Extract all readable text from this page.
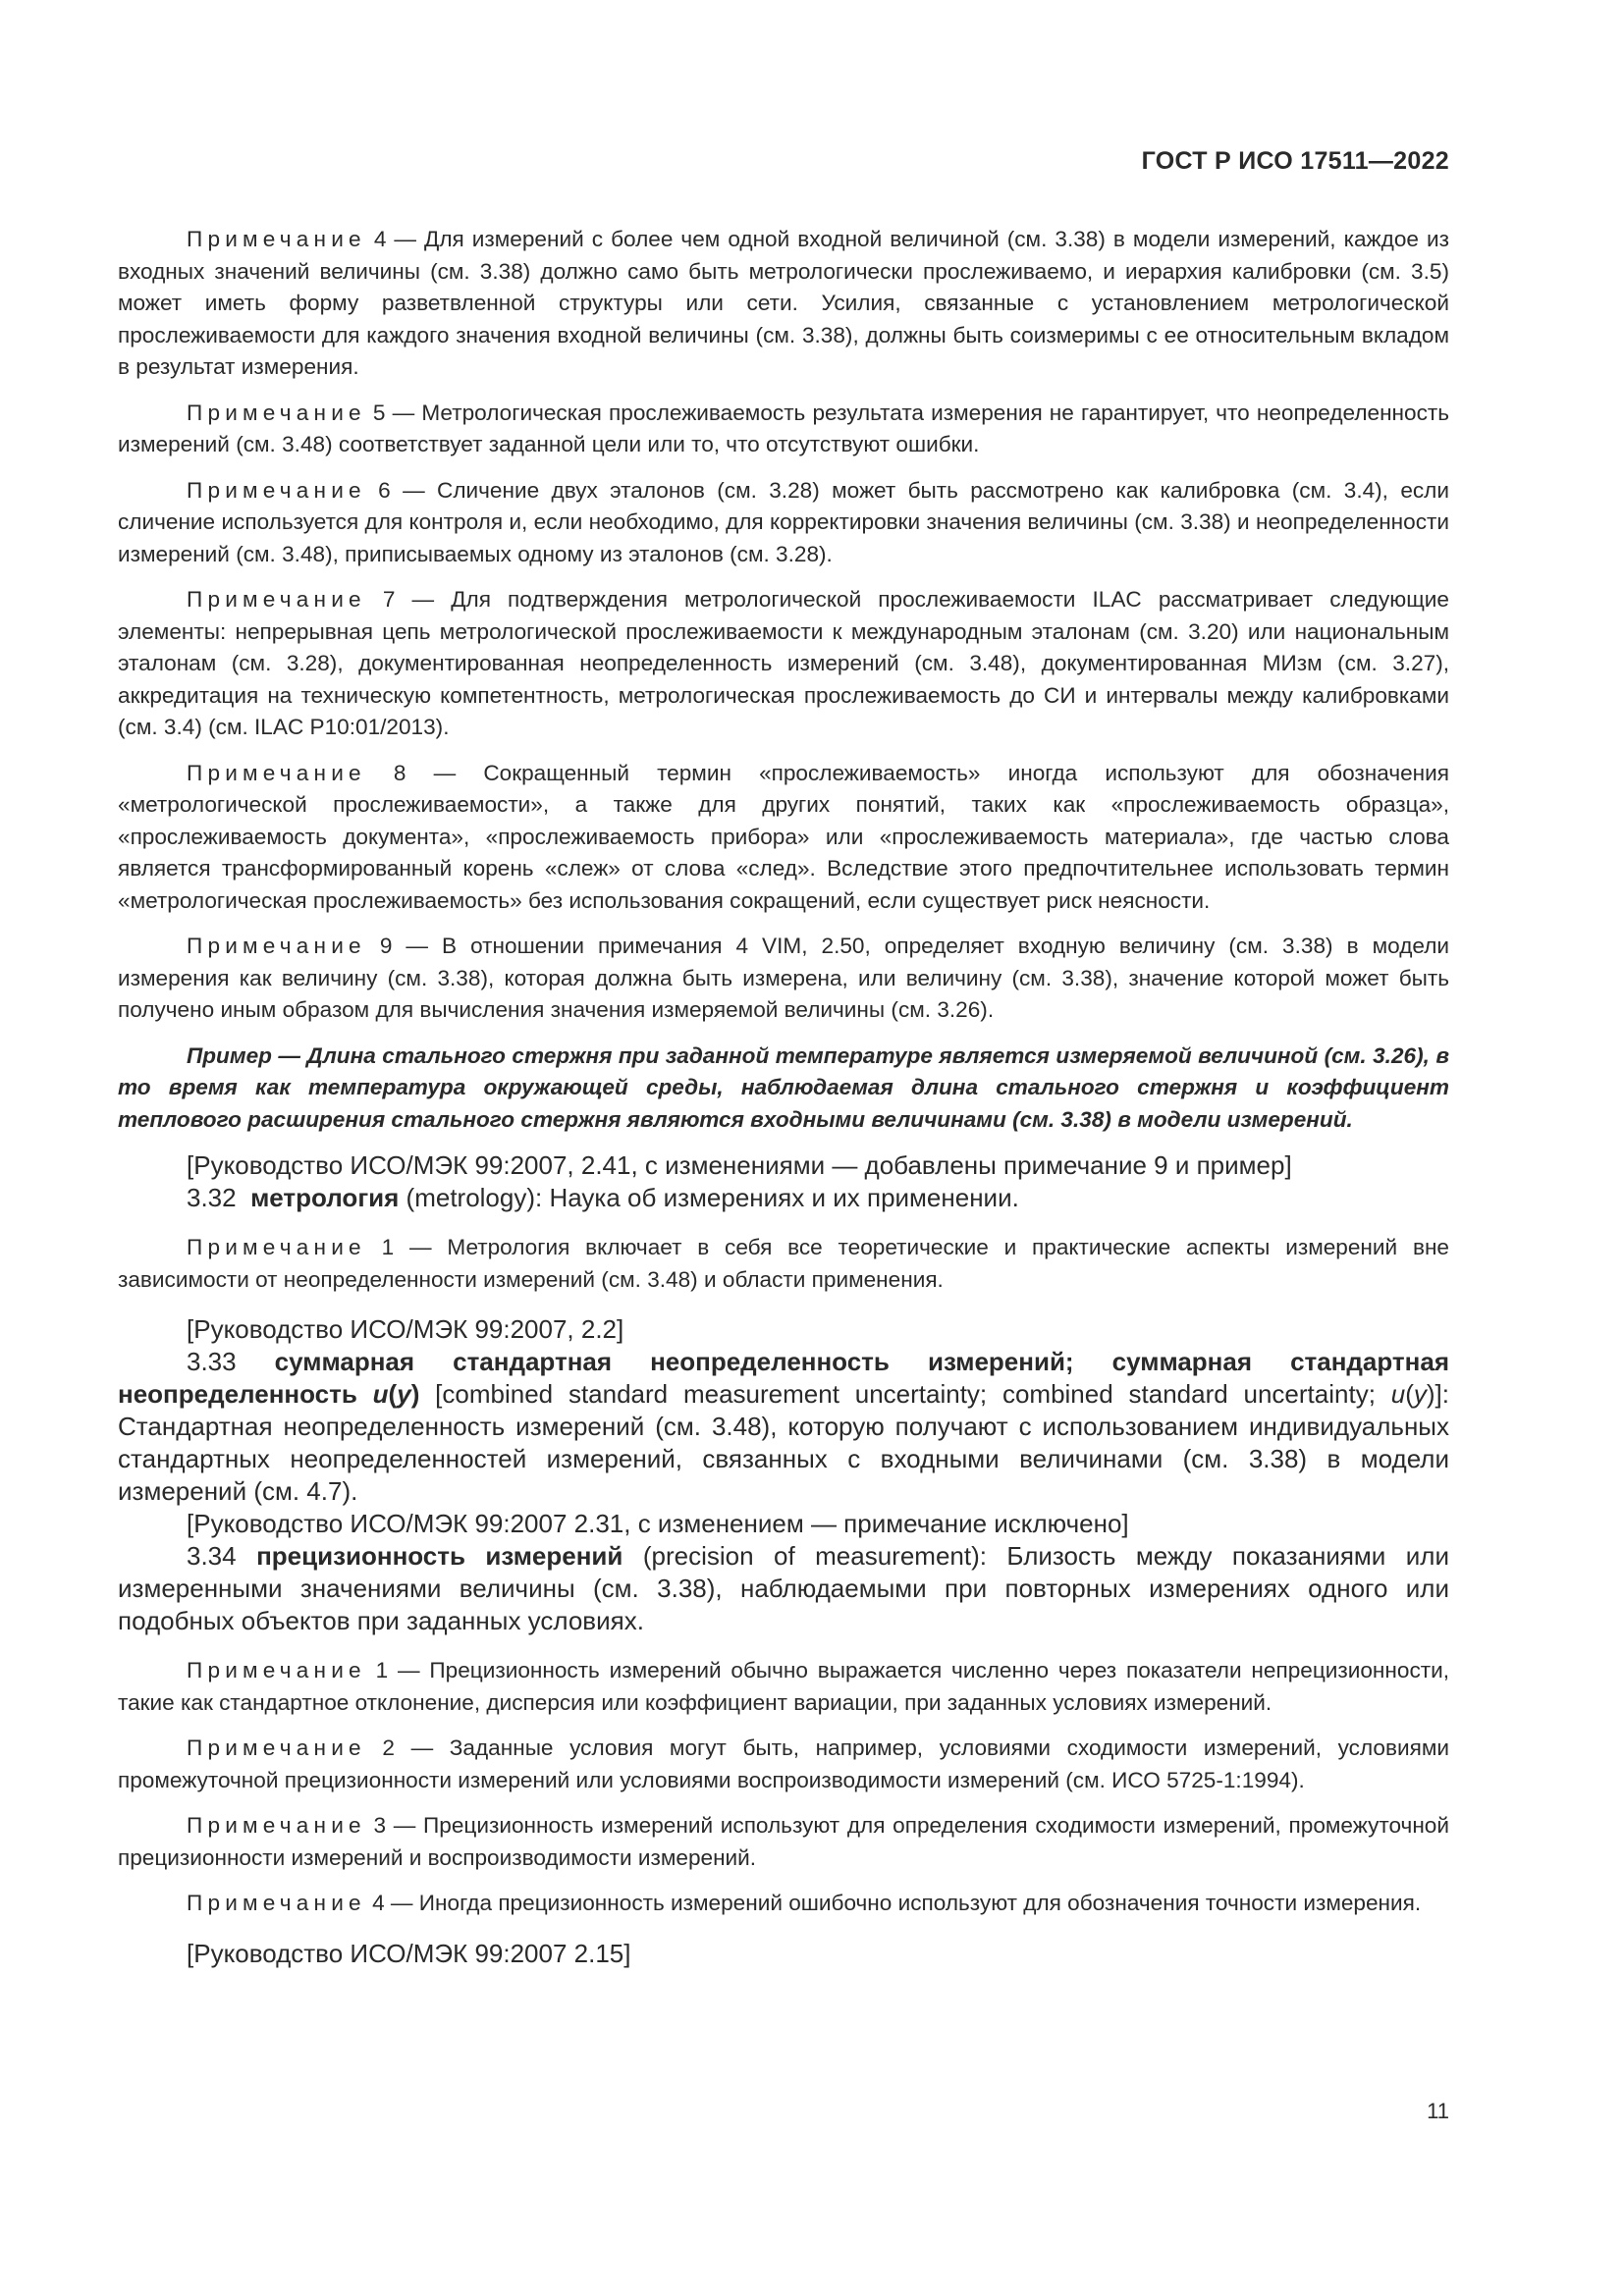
ГОСТ Р ИСО 17511—2022

Примечание 4 — Для измерений с более чем одной входной величиной (см. 3.38) в модели измерений, каждое из входных значений величины (см. 3.38) должно само быть метрологически прослеживаемо, и иерархия калибровки (см. 3.5) может иметь форму разветвленной структуры или сети. Усилия, связанные с установлением метрологической прослеживаемости для каждого значения входной величины (см. 3.38), должны быть соизмеримы с ее относительным вкладом в результат измерения.

Примечание 5 — Метрологическая прослеживаемость результата измерения не гарантирует, что неопределенность измерений (см. 3.48) соответствует заданной цели или то, что отсутствуют ошибки.

Примечание 6 — Сличение двух эталонов (см. 3.28) может быть рассмотрено как калибровка (см. 3.4), если сличение используется для контроля и, если необходимо, для корректировки значения величины (см. 3.38) и неопределенности измерений (см. 3.48), приписываемых одному из эталонов (см. 3.28).

Примечание 7 — Для подтверждения метрологической прослеживаемости ILAC рассматривает следующие элементы: непрерывная цепь метрологической прослеживаемости к международным эталонам (см. 3.20) или национальным эталонам (см. 3.28), документированная неопределенность измерений (см. 3.48), документированная МИзм (см. 3.27), аккредитация на техническую компетентность, метрологическая прослеживаемость до СИ и интервалы между калибровками (см. 3.4) (см. ILAC P10:01/2013).

Примечание 8 — Сокращенный термин «прослеживаемость» иногда используют для обозначения «метрологической прослеживаемости», а также для других понятий, таких как «прослеживаемость образца», «прослеживаемость документа», «прослеживаемость прибора» или «прослеживаемость материала», где частью слова является трансформированный корень «слеж» от слова «след». Вследствие этого предпочтительнее использовать термин «метрологическая прослеживаемость» без использования сокращений, если существует риск неясности.

Примечание 9 — В отношении примечания 4 VIM, 2.50, определяет входную величину (см. 3.38) в модели измерения как величину (см. 3.38), которая должна быть измерена, или величину (см. 3.38), значение которой может быть получено иным образом для вычисления значения измеряемой величины (см. 3.26).

Пример — Длина стального стержня при заданной температуре является измеряемой величиной (см. 3.26), в то время как температура окружающей среды, наблюдаемая длина стального стержня и коэффициент теплового расширения стального стержня являются входными величинами (см. 3.38) в модели измерений.

[Руководство ИСО/МЭК 99:2007, 2.41, с изменениями — добавлены примечание 9 и пример]

3.32 метрология (metrology): Наука об измерениях и их применении.

Примечание 1 — Метрология включает в себя все теоретические и практические аспекты измерений вне зависимости от неопределенности измерений (см. 3.48) и области применения.

[Руководство ИСО/МЭК 99:2007, 2.2]

3.33 суммарная стандартная неопределенность измерений; суммарная стандартная неопределенность u(y) [combined standard measurement uncertainty; combined standard uncertainty; u(y)]: Стандартная неопределенность измерений (см. 3.48), которую получают с использованием индивидуальных стандартных неопределенностей измерений, связанных с входными величинами (см. 3.38) в модели измерений (см. 4.7).

[Руководство ИСО/МЭК 99:2007 2.31, с изменением — примечание исключено]

3.34 прецизионность измерений (precision of measurement): Близость между показаниями или измеренными значениями величины (см. 3.38), наблюдаемыми при повторных измерениях одного или подобных объектов при заданных условиях.

Примечание 1 — Прецизионность измерений обычно выражается численно через показатели непрецизионности, такие как стандартное отклонение, дисперсия или коэффициент вариации, при заданных условиях измерений.

Примечание 2 — Заданные условия могут быть, например, условиями сходимости измерений, условиями промежуточной прецизионности измерений или условиями воспроизводимости измерений (см. ИСО 5725-1:1994).

Примечание 3 — Прецизионность измерений используют для определения сходимости измерений, промежуточной прецизионности измерений и воспроизводимости измерений.

Примечание 4 — Иногда прецизионность измерений ошибочно используют для обозначения точности измерения.

[Руководство ИСО/МЭК 99:2007 2.15]

11
